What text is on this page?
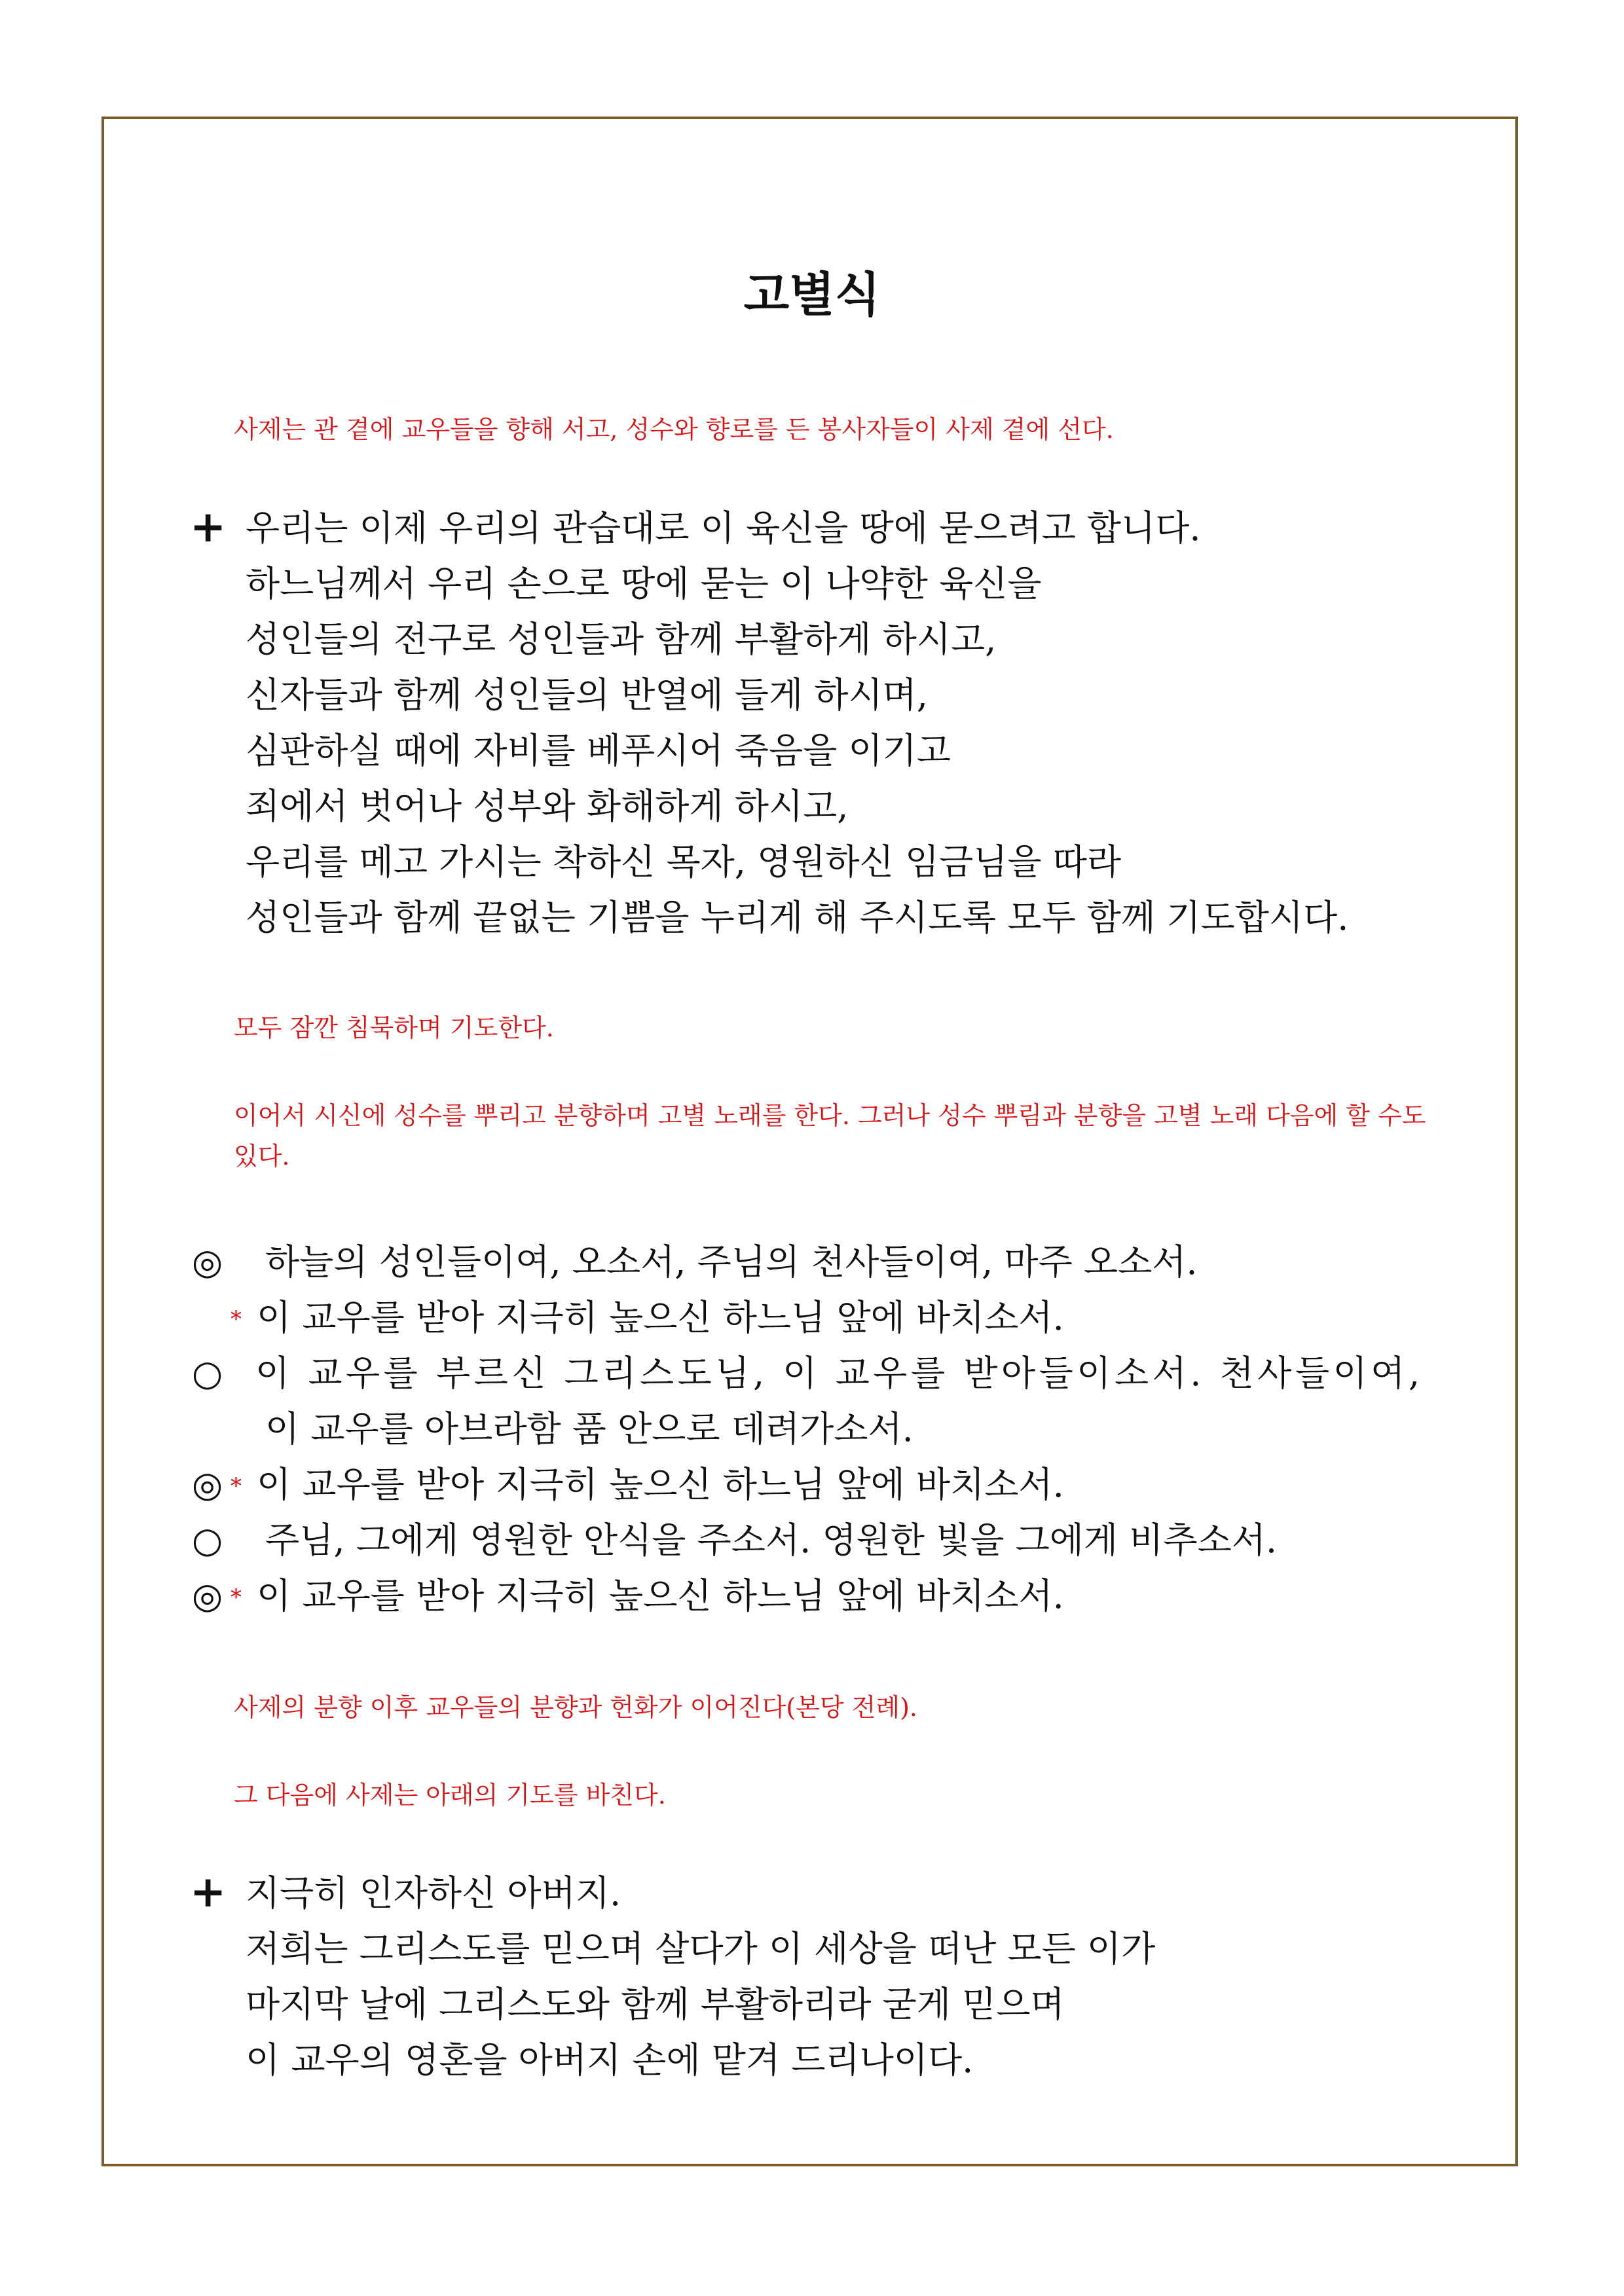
고별식
사제는 관 곁에 교우들을 향해 서고, 성수와 향로를 든 봉사자들이 사제 곁에 선다.
+ 우리는 이제 우리의 관습대로 이 육신을 땅에 묻으려고 합니다.
하느님께서 우리 손으로 땅에 묻는 이 나약한 육신을
성인들의 전구로 성인들과 함께 부활하게 하시고,
신자들과 함께 성인들의 반열에 들게 하시며,
심판하실 때에 자비를 베푸시어 죽음을 이기고
죄에서 벗어나 성부와 화해하게 하시고,
우리를 메고 가시는 착하신 목자, 영원하신 임금님을 따라
성인들과 함께 끝없는 기쁨을 누리게 해 주시도록 모두 함께 기도합시다.
모두 잠깐 침묵하며 기도한다.
이어서 시신에 성수를 뿌리고 분향하며 고별 노래를 한다. 그러나 성수 뿌림과 분향을 고별 노래 다음에 할 수도 있다.
◎ 하늘의 성인들이여, 오소서, 주님의 천사들이여, 마주 오소서.
* 이 교우를 받아 지극히 높으신 하느님 앞에 바치소서.
○ 이 교우를 부르신 그리스도님, 이 교우를 받아들이소서. 천사들이여,
이 교우를 아브라함 품 안으로 데려가소서.
◎ * 이 교우를 받아 지극히 높으신 하느님 앞에 바치소서.
○ 주님, 그에게 영원한 안식을 주소서. 영원한 빛을 그에게 비추소서.
◎ * 이 교우를 받아 지극히 높으신 하느님 앞에 바치소서.
사제의 분향 이후 교우들의 분향과 헌화가 이어진다(본당 전례).
그 다음에 사제는 아래의 기도를 바친다.
+ 지극히 인자하신 아버지.
저희는 그리스도를 믿으며 살다가 이 세상을 떠난 모든 이가
마지막 날에 그리스도와 함께 부활하리라 굳게 믿으며
이 교우의 영혼을 아버지 손에 맡겨 드리나이다.
